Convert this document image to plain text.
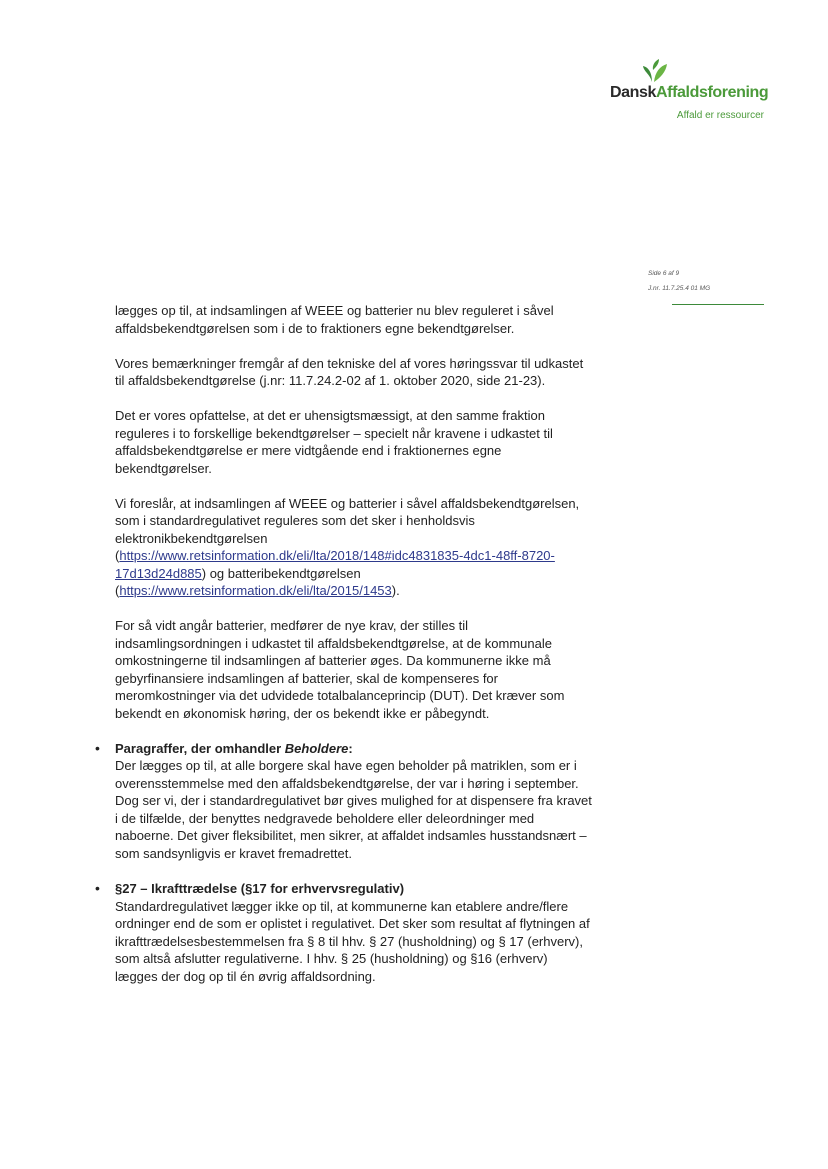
DanskAffaldsforening
Affald er ressourcer
Side 6 af 9
J.nr. 11.7.25.4 01 MG

lægges op til, at indsamlingen af WEEE og batterier nu blev reguleret i såvel affaldsbekendtgørelsen som i de to fraktioners egne bekendtgørelser.

Vores bemærkninger fremgår af den tekniske del af vores høringssvar til udkastet til affaldsbekendtgørelse (j.nr: 11.7.24.2-02 af 1. oktober 2020, side 21-23).

Det er vores opfattelse, at det er uhensigtsmæssigt, at den samme fraktion reguleres i to forskellige bekendtgørelser – specielt når kravene i udkastet til affaldsbekendtgørelse er mere vidtgående end i fraktionernes egne bekendtgørelser.

Vi foreslår, at indsamlingen af WEEE og batterier i såvel affaldsbekendtgørelsen, som i standardregulativet reguleres som det sker i henholdsvis elektronikbekendtgørelsen (https://www.retsinformation.dk/eli/lta/2018/148#idc4831835-4dc1-48ff-8720-17d13d24d885) og batteribekendtgørelsen (https://www.retsinformation.dk/eli/lta/2015/1453).

For så vidt angår batterier, medfører de nye krav, der stilles til indsamlingsordningen i udkastet til affaldsbekendtgørelse, at de kommunale omkostningerne til indsamlingen af batterier øges. Da kommunerne ikke må gebyrfinansiere indsamlingen af batterier, skal de kompenseres for meromkostninger via det udvidede totalbalanceprincip (DUT). Det kræver som bekendt en økonomisk høring, der os bekendt ikke er påbegyndt.

• Paragraffer, der omhandler Beholdere:
Der lægges op til, at alle borgere skal have egen beholder på matriklen, som er i overensstemmelse med den affaldsbekendtgørelse, der var i høring i september. Dog ser vi, der i standardregulativet bør gives mulighed for at dispensere fra kravet i de tilfælde, der benyttes nedgravede beholdere eller deleordninger med naboerne. Det giver fleksibilitet, men sikrer, at affaldet indsamles husstandsnært – som sandsynligvis er kravet fremadrettet.
• §27 – Ikrafttrædelse (§17 for erhvervsregulativ)
Standardregulativet lægger ikke op til, at kommunerne kan etablere andre/flere ordninger end de som er oplistet i regulativet. Det sker som resultat af flytningen af ikrafttrædelsesbestemmelsen fra § 8 til hhv. § 27 (husholdning) og § 17 (erhverv), som altså afslutter regulativerne. I hhv. § 25 (husholdning) og §16 (erhverv) lægges der dog op til én øvrig affaldsordning.
